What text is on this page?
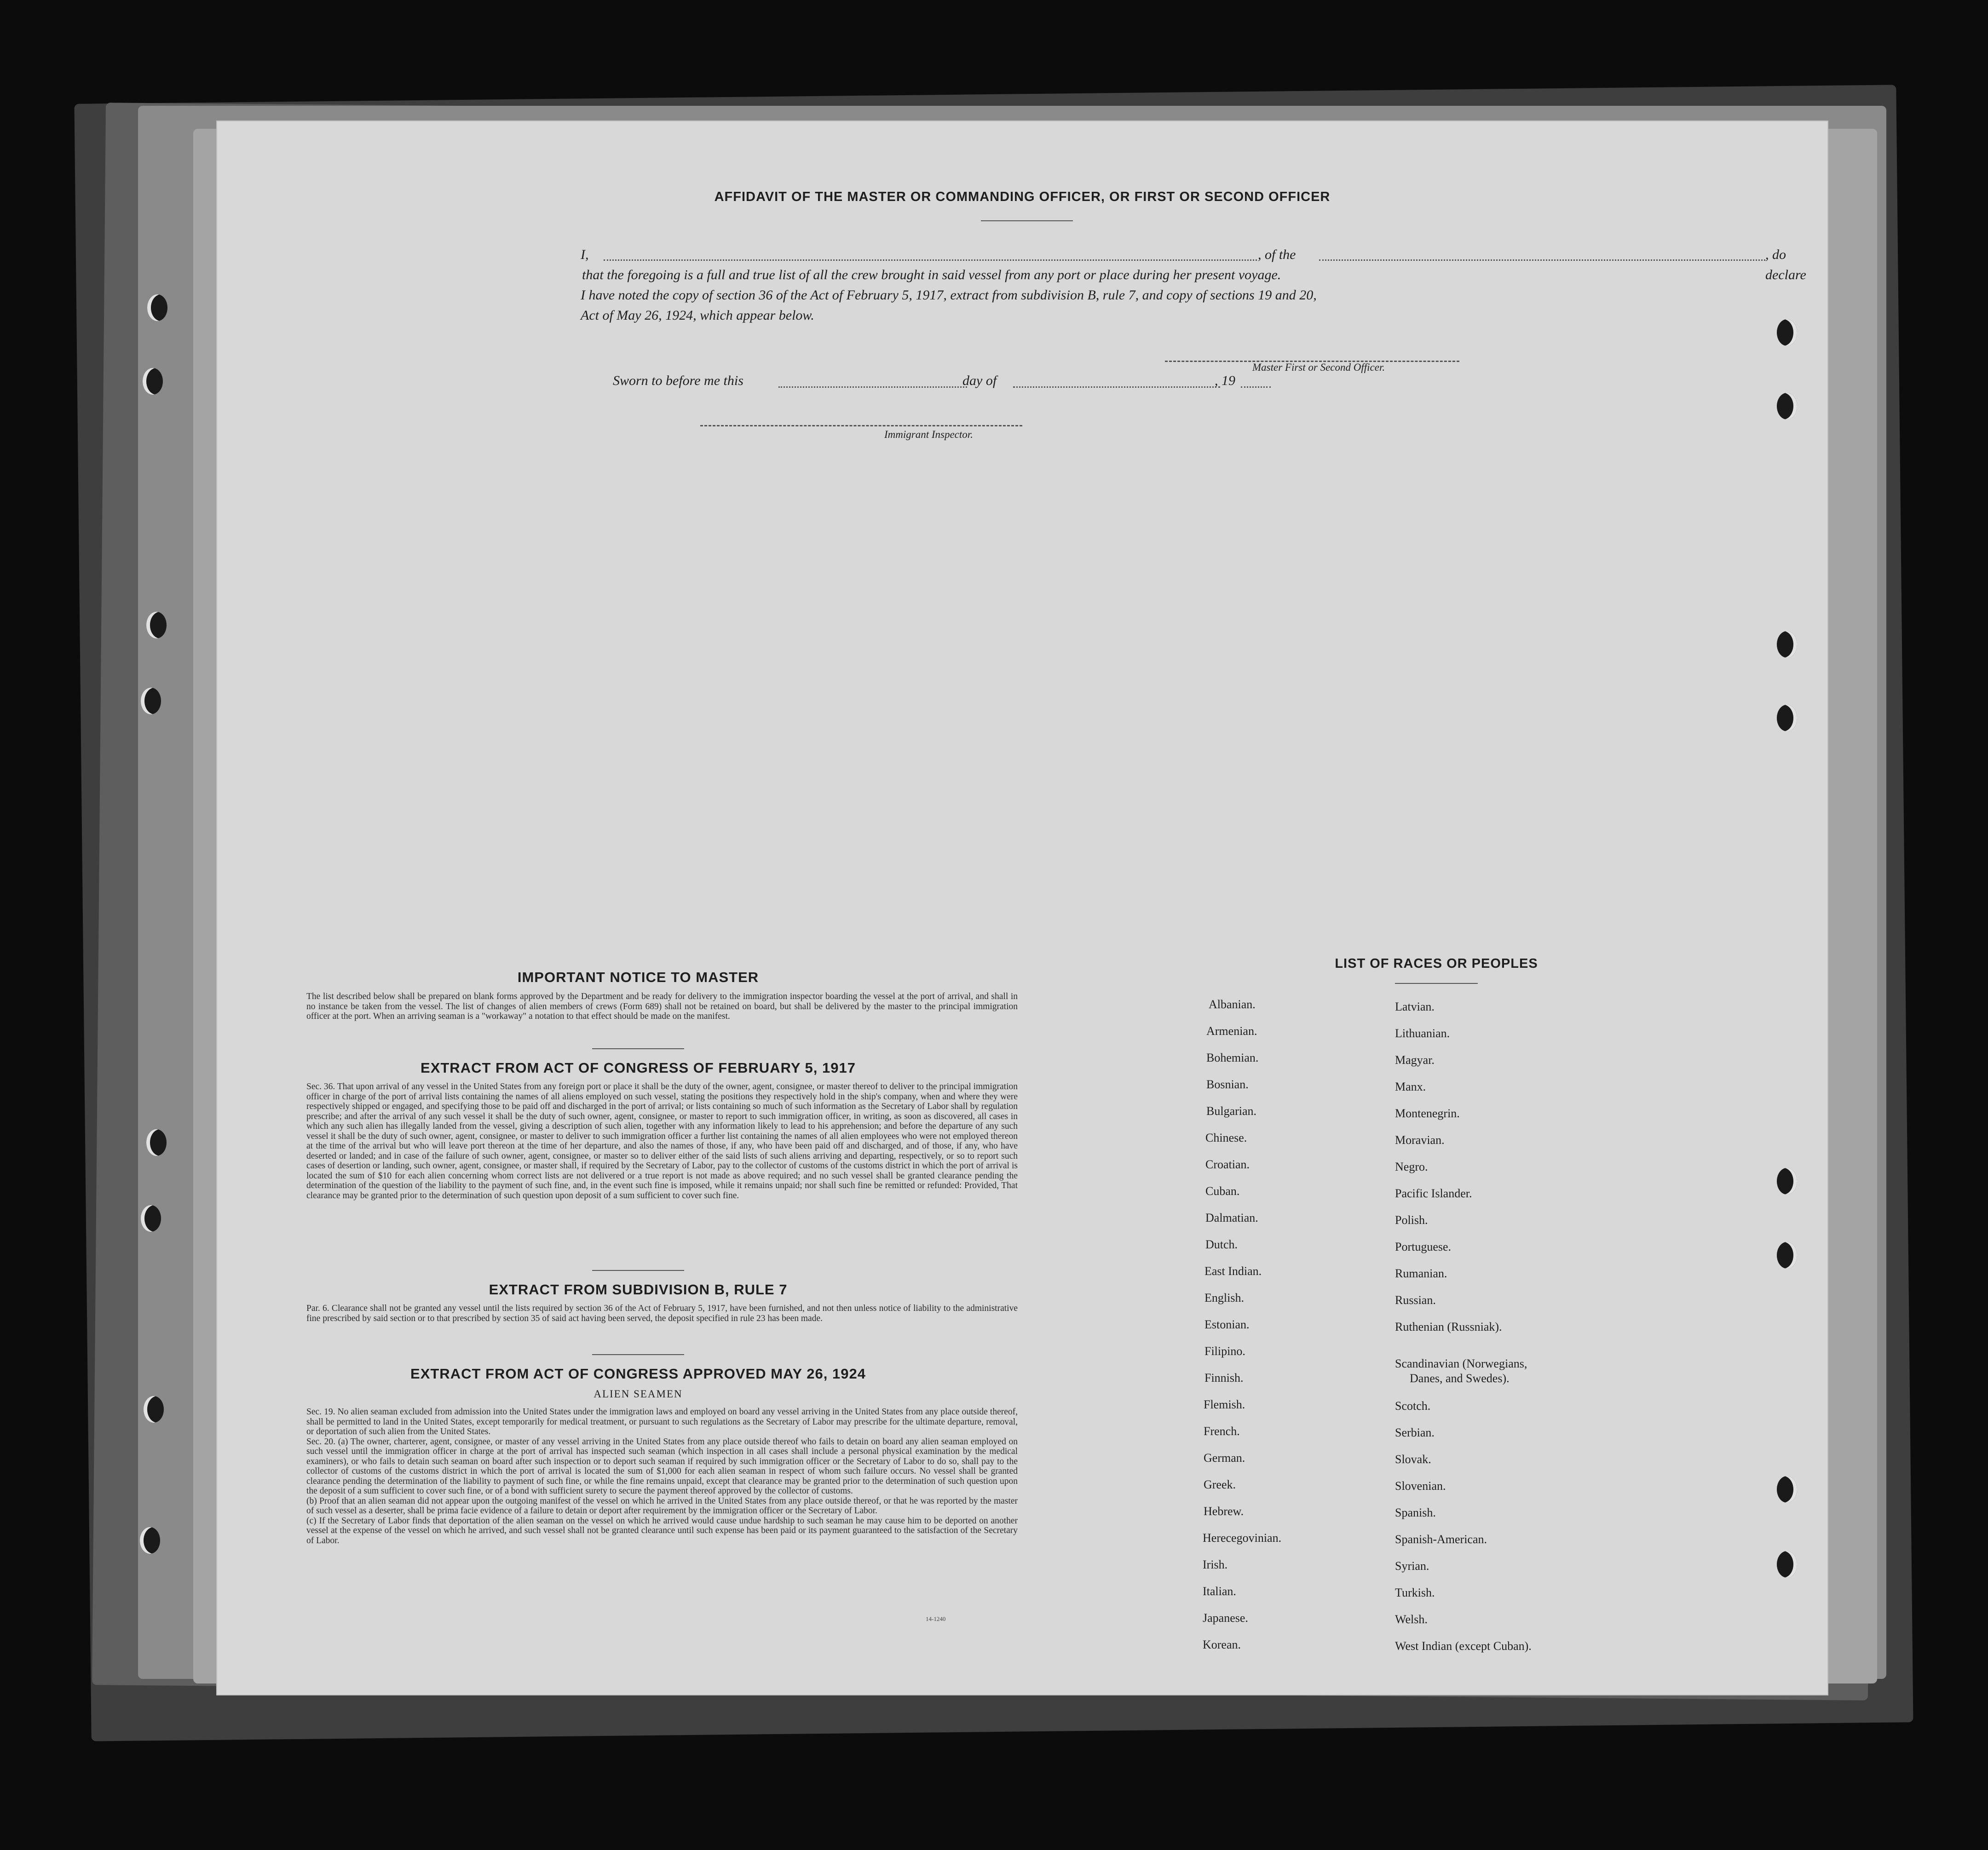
AFFIDAVIT OF THE MASTER OR COMMANDING OFFICER, OR FIRST OR SECOND OFFICER
I,	, of the	, do declare
that the foregoing is a full and true list of all the crew brought in said vessel from any port or place during her present voyage.
I have noted the copy of section 36 of the Act of February 5, 1917, extract from subdivision B, rule 7, and copy of sections 19 and 20,
Act of May 26, 1924, which appear below.
Master First or Second Officer.
Sworn to before me this	day of	, 19
Immigrant Inspector.
IMPORTANT NOTICE TO MASTER
The list described below shall be prepared on blank forms approved by the Department and be ready for delivery to the immigration inspector boarding the vessel at the port of arrival, and shall in no instance be taken from the vessel. The list of changes of alien members of crews (Form 689) shall not be retained on board, but shall be delivered by the master to the principal immigration officer at the port. When an arriving seaman is a "workaway" a notation to that effect should be made on the manifest.
EXTRACT FROM ACT OF CONGRESS OF FEBRUARY 5, 1917
Sec. 36. That upon arrival of any vessel in the United States from any foreign port or place it shall be the duty of the owner, agent, consignee, or master thereof to deliver to the principal immigration officer in charge of the port of arrival lists containing the names of all aliens employed on such vessel, stating the positions they respectively hold in the ship's company, when and where they were respectively shipped or engaged, and specifying those to be paid off and discharged in the port of arrival; or lists containing so much of such information as the Secretary of Labor shall by regulation prescribe; and after the arrival of any such vessel it shall be the duty of such owner, agent, consignee, or master to report to such immigration officer, in writing, as soon as discovered, all cases in which any such alien has illegally landed from the vessel, giving a description of such alien, together with any information likely to lead to his apprehension; and before the departure of any such vessel it shall be the duty of such owner, agent, consignee, or master to deliver to such immigration officer a further list containing the names of all alien employees who were not employed thereon at the time of the arrival but who will leave port thereon at the time of her departure, and also the names of those, if any, who have been paid off and discharged, and of those, if any, who have deserted or landed; and in case of the failure of such owner, agent, consignee, or master so to deliver either of the said lists of such aliens arriving and departing, respectively, or so to report such cases of desertion or landing, such owner, agent, consignee, or master shall, if required by the Secretary of Labor, pay to the collector of customs of the customs district in which the port of arrival is located the sum of $10 for each alien concerning whom correct lists are not delivered or a true report is not made as above required; and no such vessel shall be granted clearance pending the determination of the question of the liability to the payment of such fine, and, in the event such fine is imposed, while it remains unpaid; nor shall such fine be remitted or refunded: Provided, That clearance may be granted prior to the determination of such question upon deposit of a sum sufficient to cover such fine.
EXTRACT FROM SUBDIVISION B, RULE 7
Par. 6. Clearance shall not be granted any vessel until the lists required by section 36 of the Act of February 5, 1917, have been furnished, and not then unless notice of liability to the administrative fine prescribed by said section or to that prescribed by section 35 of said act having been served, the deposit specified in rule 23 has been made.
EXTRACT FROM ACT OF CONGRESS APPROVED MAY 26, 1924
ALIEN SEAMEN
Sec. 19. No alien seaman excluded from admission into the United States under the immigration laws and employed on board any vessel arriving in the United States from any place outside thereof, shall be permitted to land in the United States, except temporarily for medical treatment, or pursuant to such regulations as the Secretary of Labor may prescribe for the ultimate departure, removal, or deportation of such alien from the United States.
Sec. 20. (a) The owner, charterer, agent, consignee, or master of any vessel arriving in the United States from any place outside thereof who fails to detain on board any alien seaman employed on such vessel until the immigration officer in charge at the port of arrival has inspected such seaman (which inspection in all cases shall include a personal physical examination by the medical examiners), or who fails to detain such seaman on board after such inspection or to deport such seaman if required by such immigration officer or the Secretary of Labor to do so, shall pay to the collector of customs of the customs district in which the port of arrival is located the sum of $1,000 for each alien seaman in respect of whom such failure occurs. No vessel shall be granted clearance pending the determination of the liability to payment of such fine, or while the fine remains unpaid, except that clearance may be granted prior to the determination of such question upon the deposit of a sum sufficient to cover such fine, or of a bond with sufficient surety to secure the payment thereof approved by the collector of customs.
(b) Proof that an alien seaman did not appear upon the outgoing manifest of the vessel on which he arrived in the United States from any place outside thereof, or that he was reported by the master of such vessel as a deserter, shall be prima facie evidence of a failure to detain or deport after requirement by the immigration officer or the Secretary of Labor.
(c) If the Secretary of Labor finds that deportation of the alien seaman on the vessel on which he arrived would cause undue hardship to such seaman he may cause him to be deported on another vessel at the expense of the vessel on which he arrived, and such vessel shall not be granted clearance until such expense has been paid or its payment guaranteed to the satisfaction of the Secretary of Labor.
14-1240
LIST OF RACES OR PEOPLES
Albanian.
Armenian.
Bohemian.
Bosnian.
Bulgarian.
Chinese.
Croatian.
Cuban.
Dalmatian.
Dutch.
East Indian.
English.
Estonian.
Filipino.
Finnish.
Flemish.
French.
German.
Greek.
Hebrew.
Herecegovinian.
Irish.
Italian.
Japanese.
Korean.
Latvian.
Lithuanian.
Magyar.
Manx.
Montenegrin.
Moravian.
Negro.
Pacific Islander.
Polish.
Portuguese.
Rumanian.
Russian.
Ruthenian (Russniak).
Scandinavian (Norwegians,
Danes, and Swedes).
Scotch.
Serbian.
Slovak.
Slovenian.
Spanish.
Spanish-American.
Syrian.
Turkish.
Welsh.
West Indian (except Cuban).
